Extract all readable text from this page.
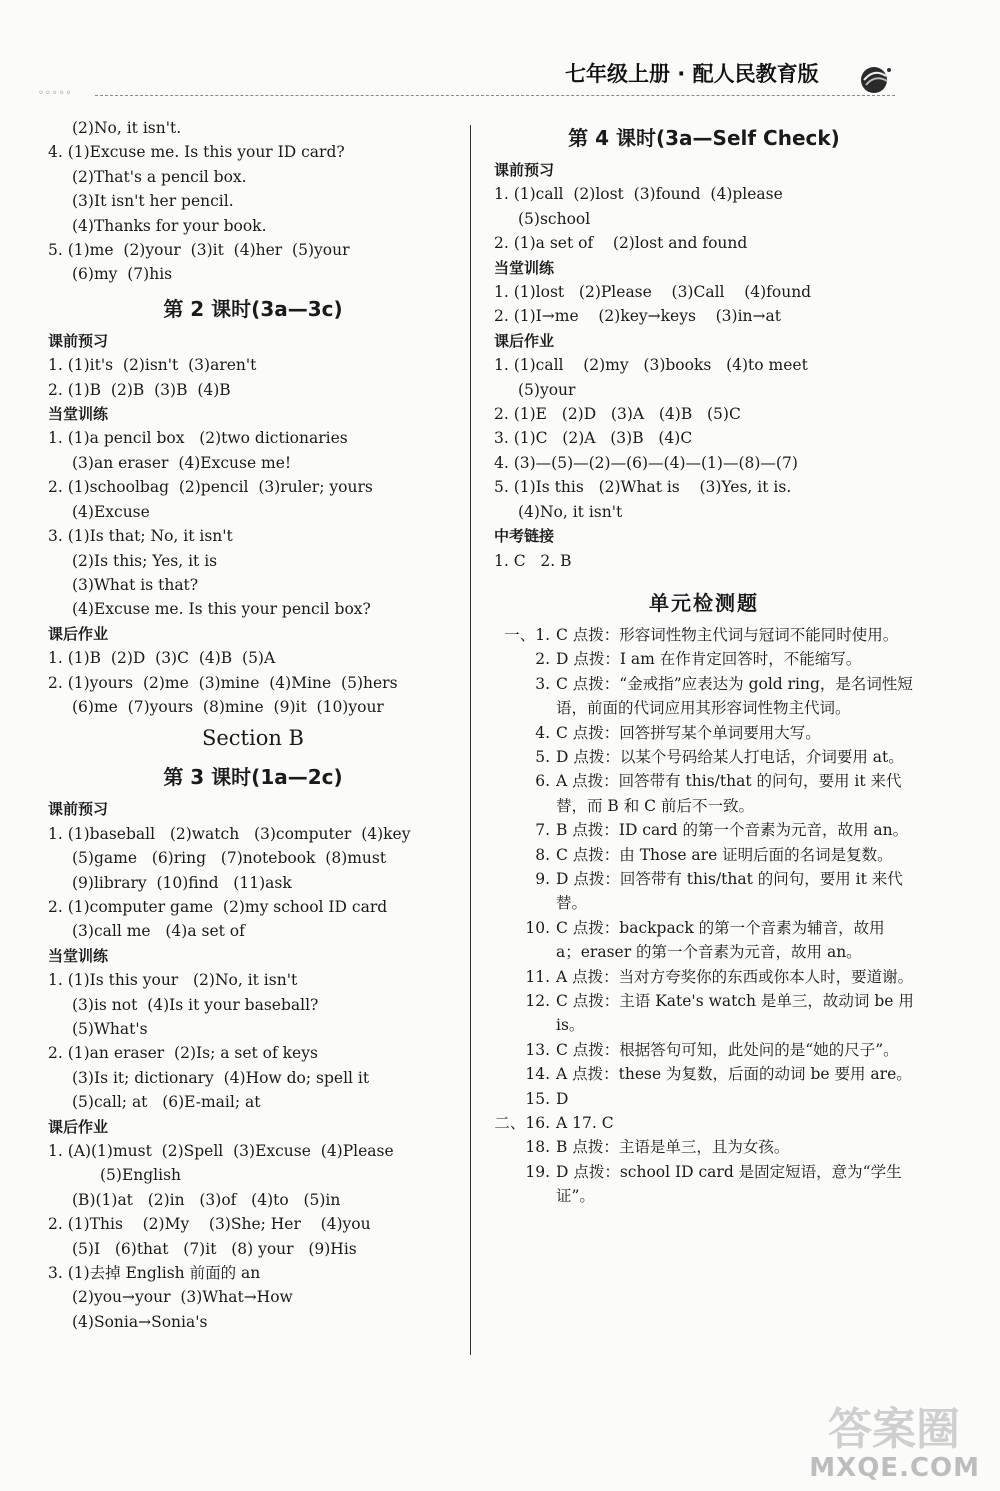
◦◦◦◦◦
七年级上册 · 配人民教育版
(2)No, it isn't.
4. (1)Excuse me. Is this your ID card?
(2)That's a pencil box.
(3)It isn't her pencil.
(4)Thanks for your book.
5. (1)me  (2)your  (3)it  (4)her  (5)your
(6)my  (7)his
第 2 课时(3a—3c)
课前预习
1. (1)it's  (2)isn't  (3)aren't
2. (1)B  (2)B  (3)B  (4)B
当堂训练
1. (1)a pencil box   (2)two dictionaries
(3)an eraser  (4)Excuse me!
2. (1)schoolbag  (2)pencil  (3)ruler; yours
(4)Excuse
3. (1)Is that; No, it isn't
(2)Is this; Yes, it is
(3)What is that?
(4)Excuse me. Is this your pencil box?
课后作业
1. (1)B  (2)D  (3)C  (4)B  (5)A
2. (1)yours  (2)me  (3)mine  (4)Mine  (5)hers
(6)me  (7)yours  (8)mine  (9)it  (10)your
Section B
第 3 课时(1a—2c)
课前预习
1. (1)baseball   (2)watch   (3)computer  (4)key
(5)game   (6)ring   (7)notebook  (8)must
(9)library  (10)find   (11)ask
2. (1)computer game  (2)my school ID card
(3)call me   (4)a set of
当堂训练
1. (1)Is this your   (2)No, it isn't
(3)is not  (4)Is it your baseball?
(5)What's
2. (1)an eraser  (2)Is; a set of keys
(3)Is it; dictionary  (4)How do; spell it
(5)call; at   (6)E-mail; at
课后作业
1. (A)(1)must  (2)Spell  (3)Excuse  (4)Please
(5)English
(B)(1)at   (2)in   (3)of   (4)to   (5)in
2. (1)This    (2)My    (3)She; Her    (4)you
(5)I   (6)that   (7)it   (8) your   (9)His
3. (1)去掉 English 前面的 an
(2)you→your  (3)What→How
(4)Sonia→Sonia's
第 4 课时(3a—Self Check)
课前预习
1. (1)call  (2)lost  (3)found  (4)please
(5)school
2. (1)a set of    (2)lost and found
当堂训练
1. (1)lost   (2)Please    (3)Call    (4)found
2. (1)I→me    (2)key→keys    (3)in→at
课后作业
1. (1)call    (2)my   (3)books   (4)to meet
(5)your
2. (1)E   (2)D   (3)A   (4)B   (5)C
3. (1)C   (2)A   (3)B   (4)C
4. (3)—(5)—(2)—(6)—(4)—(1)—(8)—(7)
5. (1)Is this   (2)What is    (3)Yes, it is.
(4)No, it isn't
中考链接
1. C   2. B
单元检测题
一、1. C 点拨：形容词性物主代词与冠词不能同时使用。
2. D 点拨：I am 在作肯定回答时，不能缩写。
3. C 点拨：“金戒指”应表达为 gold ring，是名词性短语，前面的代词应用其形容词性物主代词。
4. C 点拨：回答拼写某个单词要用大写。
5. D 点拨：以某个号码给某人打电话，介词要用 at。
6. A 点拨：回答带有 this/that 的问句，要用 it 来代替，而 B 和 C 前后不一致。
7. B 点拨：ID card 的第一个音素为元音，故用 an。
8. C 点拨：由 Those are 证明后面的名词是复数。
9. D 点拨：回答带有 this/that 的问句，要用 it 来代替。
10. C 点拨：backpack 的第一个音素为辅音，故用 a；eraser 的第一个音素为元音，故用 an。
11. A 点拨：当对方夸奖你的东西或你本人时，要道谢。
12. C 点拨：主语 Kate's watch 是单三，故动词 be 用 is。
13. C 点拨：根据答句可知，此处问的是“她的尺子”。
14. A 点拨：these 为复数，后面的动词 be 要用 are。
15. D
二、16. A 17. C
18. B 点拨：主语是单三，且为女孩。
19. D 点拨：school ID card 是固定短语，意为“学生证”。
答案圈
MXQE.COM
